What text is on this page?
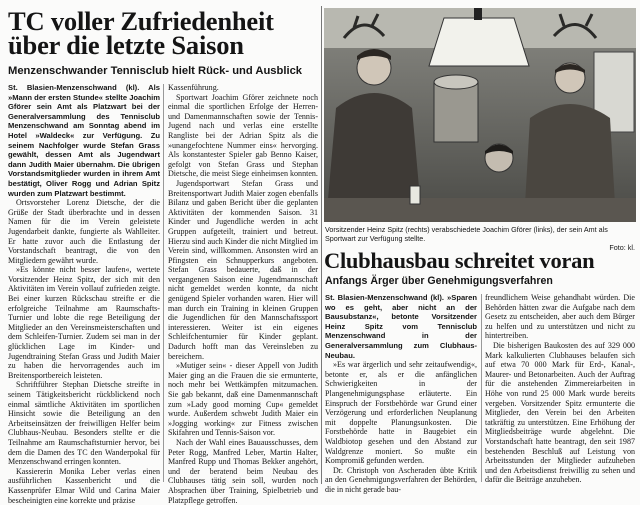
TC voller Zufriedenheit
über die letzte Saison
Menzenschwander Tennisclub hielt Rück- und Ausblick

St. Blasien-Menzenschwand (kl). Als »Mann der ersten Stunde« stellte Joachim Gförer sein Amt als Platzwart bei der Generalversammlung des Tennisclub Menzenschwand am Sonntag abend im Hotel »Waldeck« zur Verfügung. Zu seinem Nachfolger wurde Stefan Grass gewählt, dessen Amt als Jugendwart dann Judith Maier übernahm. Die übrigen Vorstandsmitglieder wurden in ihrem Amt bestätigt, Oliver Rogg und Adrian Spitz wurden zum Platzwart bestimmt.

Ortsvorsteher Lorenz Dietsche, der die Grüße der Stadt überbrachte und in dessen Namen für die im Verein geleistete Jugendarbeit dankte, fungierte als Wahlleiter. Er hatte zuvor auch die Entlastung der Vorstandschaft beantragt, die von den Mitgliedern gewährt wurde.

»Es könnte nicht besser laufen«, wertete Vorsitzender Heinz Spitz, der sich mit den Aktivitäten im Verein vollauf zufrieden zeigte. Bei einer kurzen Rückschau streifte er die erfolgreiche Teilnahme am Raumschafts-Turnier und lobte die rege Beteiligung der Mitglieder an den Vereinsmeisterschaften und dem Schleifen-Turnier. Zudem sei man in der glücklichen Lage im Kinder- und Jugendtraining Stefan Grass und Judith Maier zu haben die hervorragendes auch im Breitensportbereich leisteten.

Schriftführer Stephan Dietsche streifte in seinem Tätigkeitsbericht rückblickend noch einmal sämtliche Aktivitäten im sportlichen Hinsicht sowie die Beteiligung an den Arbeitseinsätzen der freiwilligen Helfer beim Clubhaus-Neubau. Besonders stellte er die Teilnahme am Raumschaftsturnier hervor, bei dem die Damen des TC den Wanderpokal für Menzenschwand erringen konnten.

Kassiererin Monika Leber verlas einen ausführlichen Kassenbericht und die Kassenprüfer Elmar Wild und Carina Maier bescheinigten eine korrekte und präzise

Kassenführung.

Sportwart Joachim Gförer zeichnete noch einmal die sportlichen Erfolge der Herren- und Damenmannschaften sowie der Tennis-Jugend nach und verlas eine erstellte Rangliste bei der Adrian Spitz als die »unangefochtene Nummer eins« hervorging. Als konstantester Spieler gab Benno Kaiser, gefolgt von Stefan Grass und Stephan Dietsche, die meist Siege einheimsen konnten.

Jugendsportwart Stefan Grass und Breitensportwart Judith Maier zogen ebenfalls Bilanz und gaben Bericht über die geplanten Aktivitäten der kommenden Saison. 31 Kinder und Jugendliche werden in acht Gruppen aufgeteilt, trainiert und betreut. Hierzu sind auch Kinder die nicht Mitglied im Verein sind, willkommen. Ansonsten wird an Pfingsten ein Schnupperkurs angeboten. Stefan Grass bedauerte, daß in der vergangenen Saison eine Jugendmannschaft nicht gemeldet werden konnte, da nicht genügend Spieler vorhanden waren. Hier will man durch ein Training in kleinen Gruppen die Jugendlichen für den Mannschaftssport interessieren. Weiter ist ein eigenes Schleifchenturnier für Kinder geplant. Dadurch hofft man das Vereinsleben zu bereichern.

»Mutiger sein« - dieser Appell von Judith Maier ging an die Frauen die sie ermunterte, noch mehr bei Wettkämpfen mitzumachen. Sie gab bekannt, daß eine Damenmannschaft zum »Lady good morning Cup« gemeldet wurde. Außerdem schwebt Judith Maier ein »Jogging working« zur Fitness zwischen Skifahren und Tennis-Saison vor.

Nach der Wahl eines Bauausschusses, dem Peter Rogg, Manfred Leber, Martin Halter, Manfred Rupp und Thomas Bekker angehört, und der beratend beim Neubau des Clubhauses tätig sein soll, wurden noch Absprachen über Training, Spielbetrieb und Platzpflege getroffen.

Vorsitzender Heinz Spitz (rechts) verabschiedete Joachim Gförer (links), der sein Amt als Sportwart zur Verfügung stellte.
Foto: kl.
Clubhausbau schreitet voran
Anfangs Ärger über Genehmigungsverfahren

St. Blasien-Menzenschwand (kl). »Sparen wo es geht, aber nicht an der Bausubstanz«, betonte Vorsitzender Heinz Spitz vom Tennisclub Menzenschwand in der Generalversammlung zum Clubhaus-Neubau.

»Es war ärgerlich und sehr zeitaufwendig«, betonte er, als er die anfänglichen Schwierigkeiten in der Plangenehmigungsphase erläuterte. Ein Einspruch der Forstbehörde war Grund einer Verzögerung und erforderlichen Neuplanung mit doppelte Planungsunkosten. Die Forstbehörde hatte in Baugebiet ein Waldbiotop gesehen und den Abstand zur Waldgrenze moniert. So mußte ein Kompromiß gefunden werden.

Dr. Christoph von Ascheraden übte Kritik an den Genehmigungsverfahren der Behörden, die in nicht gerade bau-

freundlichem Weise gehandhabt würden. Die Behörden hätten zwar die Aufgabe nach dem Gesetz zu entscheiden, aber auch dem Bürger zu helfen und zu unterstützen und nicht zu hintertreiben.

Die bisherigen Baukosten des auf 329 000 Mark kalkulierten Clubhauses belaufen sich auf etwa 70 000 Mark für Erd-, Kanal-, Maurer- und Betonarbeiten. Auch der Auftrag für die anstehenden Zimmereiarbeiten in Höhe von rund 25 000 Mark wurde bereits vergeben. Vorsitzender Spitz ermunterte die Mitglieder, den Verein bei den Arbeiten tatkräftig zu unterstützen. Eine Erhöhung der Mitgliedsbeiträge wurde abgelehnt. Die Vorstandschaft hatte beantragt, den seit 1987 bestehenden Beschluß auf Leistung von Arbeitsstunden der Mitglieder aufzuheben und den Arbeitsdienst freiwillig zu sehen und dafür die Beiträge anzuheben.
